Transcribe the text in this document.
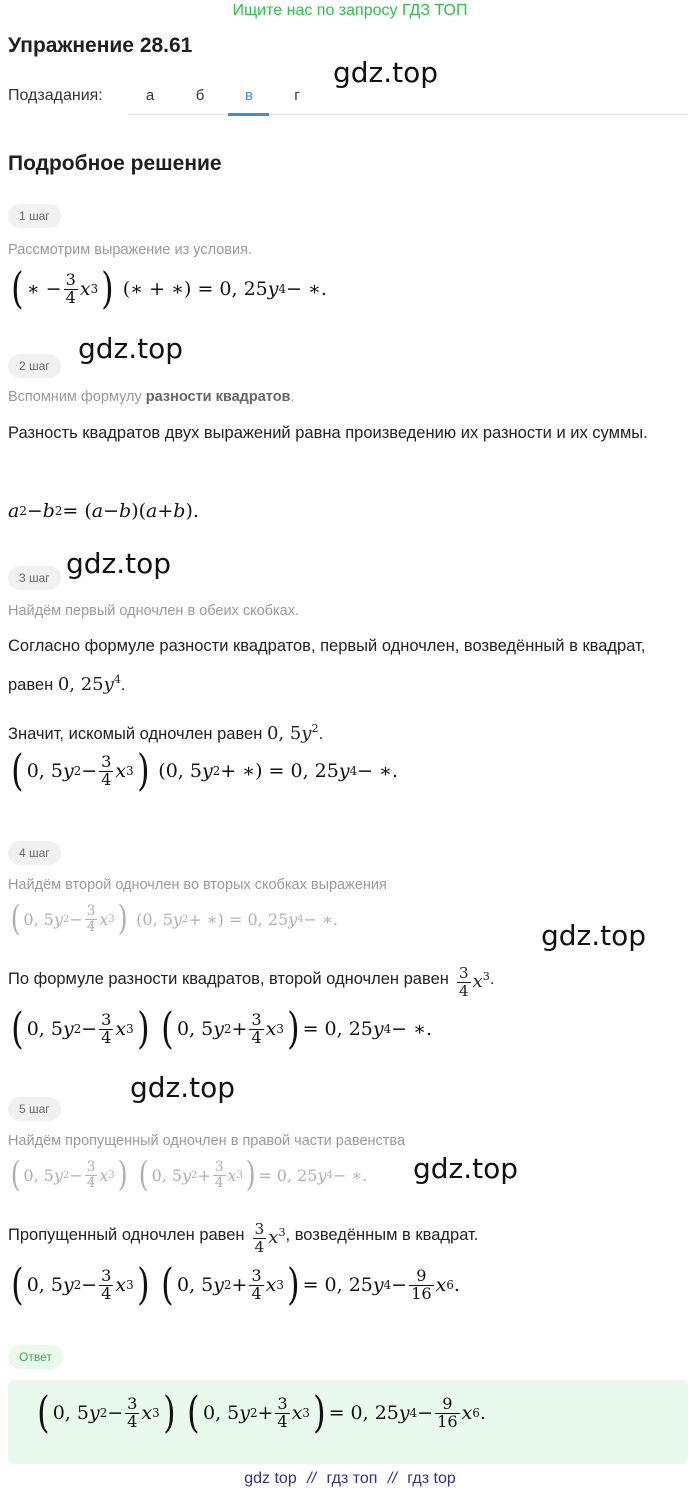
Ищите нас по запросу ГДЗ ТОП
Упражнение 28.61
gdz.top
Подзадания:	а	б	в	г
Подробное решение
1 шаг
Рассмотрим выражение из условия.
( ∗ − $\frac{3}{4}$ x 3 ) (∗ + ∗) = 0, 25 y 4 − ∗.
2 шаг
gdz.top
Вспомним формулу разности квадратов.
Разность квадратов двух выражений равна произведению их разности и их суммы.
a 2 − b 2 = ( a − b )( a + b ).
3 шаг gdz.top
Найдём первый одночлен в обеих скобках.
Согласно формуле разности квадратов, первый одночлен, возведённый в квадрат, равен 0, $25y^4$.
Значит, искомый одночлен равен 0, $5y^2$.
( 0, 5 y $2 - \frac{3}{4}$ x 3 ) (0, 5 y 2 + ∗) = 0, 25 y 4 − ∗.
4 шаг
Найдём второй одночлен во вторых скобках выражения
( 0, 5 y $2 - \frac{3}{4}$ x 3 ) (0, 5 y 2 + ∗) = 0, 25 y 4 − ∗.	gdz.top
По формуле разности квадратов, второй одночлен равен $\frac{3}{4} x^3$ .
( 0, 5 y $2 - \frac{3}{4}$ x 3 ) ( 0, 5 y $2 + \frac{3}{4}$ x 3 ) = 0, 25 y 4 − ∗.
gdz.top
5 шаг
Найдём пропущенный одночлен в правой части равенства
( 0, 5 y $2 - \frac{3}{4}$ x 3 ) ( 0, 5 y $2 + \frac{3}{4}$ x 3 ) = 0, 25 y 4 − ∗. gdz.top
Пропущенный одночлен равен $\frac{3}{4} x^3$ , возведённым в квадрат.
( 0, 5 y $2 - \frac{3}{4}$ x 3 ) ( 0, 5 y $2 + \frac{3}{4}$ x 3 ) = 0, 25 y $4 - \frac{9}{16}$ x 6 .
Ответ
( 0, 5 y $2 - \frac{3}{4}$ x 3 ) ( 0, 5 y $2 + \frac{3}{4}$ x 3 ) = 0, 25 y $4 - \frac{9}{16}$ x 6 .
gdz top // гдз топ // гдз top
